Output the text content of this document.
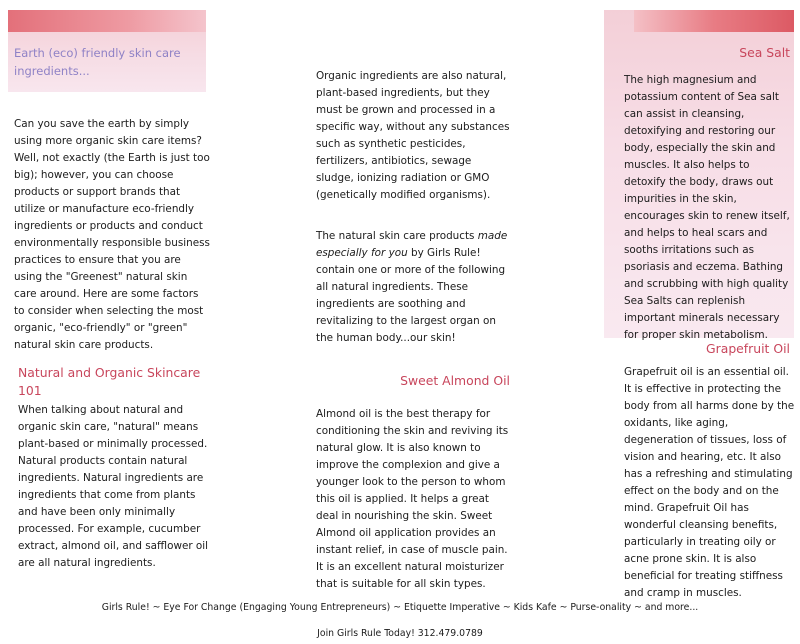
Earth (eco) friendly skin care ingredients...

Can you save the earth by simply using more organic skin care items? Well, not exactly (the Earth is just too big); however, you can choose products or support brands that utilize or manufacture eco-friendly ingredients or products and conduct environmentally responsible business practices to ensure that you are using the "Greenest" natural skin care around. Here are some factors to consider when selecting the most organic, "eco-friendly" or "green" natural skin care products.

Natural and Organic Skincare 101

When talking about natural and organic skin care, "natural" means plant-based or minimally processed. Natural products contain natural ingredients. Natural ingredients are ingredients that come from plants and have been only minimally processed. For example, cucumber extract, almond oil, and safflower oil are all natural ingredients.

Organic ingredients are also natural, plant-based ingredients, but they must be grown and processed in a specific way, without any substances such as synthetic pesticides, fertilizers, antibiotics, sewage sludge, ionizing radiation or GMO (genetically modified organisms).

The natural skin care products made especially for you by Girls Rule! contain one or more of the following all natural ingredients. These ingredients are soothing and revitalizing to the largest organ on the human body...our skin!

Sweet Almond Oil

Almond oil is the best therapy for conditioning the skin and reviving its natural glow. It is also known to improve the complexion and give a younger look to the person to whom this oil is applied. It helps a great deal in nourishing the skin. Sweet Almond oil application provides an instant relief, in case of muscle pain. It is an excellent natural moisturizer that is suitable for all skin types.

Sea Salt

The high magnesium and potassium content of Sea salt can assist in cleansing, detoxifying and restoring our body, especially the skin and muscles. It also helps to detoxify the body, draws out impurities in the skin, encourages skin to renew itself, and helps to heal scars and sooths irritations such as psoriasis and eczema. Bathing and scrubbing with high quality Sea Salts can replenish important minerals necessary for proper skin metabolism.

Grapefruit Oil

Grapefruit oil is an essential oil. It is effective in protecting the body from all harms done by the oxidants, like aging, degeneration of tissues, loss of vision and hearing, etc. It also has a refreshing and stimulating effect on the body and on the mind. Grapefruit Oil has wonderful cleansing benefits, particularly in treating oily or acne prone skin. It is also beneficial for treating stiffness and cramp in muscles.

Girls Rule! ~ Eye For Change (Engaging Young Entrepreneurs) ~ Etiquette Imperative ~ Kids Kafe ~ Purse-onality ~ and more...
Join Girls Rule Today! 312.479.0789
